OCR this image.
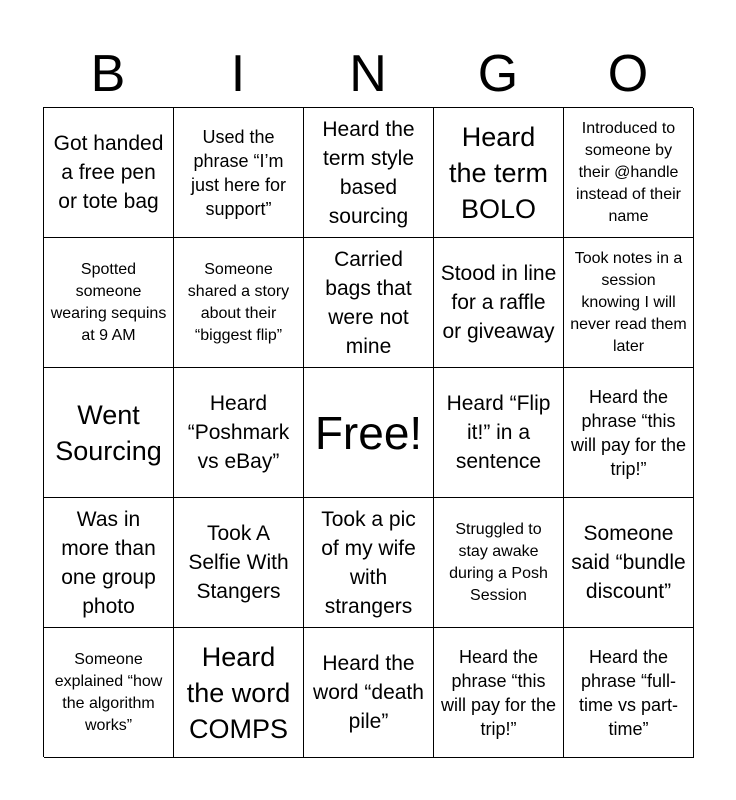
B	I	N	G	O
Got handed a free pen or tote bag
Used the phrase “I’m just here for support”
Heard the term style based sourcing
Heard the term BOLO
Introduced to someone by their @handle instead of their name
Spotted someone wearing sequins at 9 AM
Someone shared a story about their “biggest flip”
Carried bags that were not mine
Stood in line for a raffle or giveaway
Took notes in a session knowing I will never read them later
Went Sourcing
Heard “Poshmark vs eBay”
Free!
Heard “Flip it!” in a sentence
Heard the phrase “this will pay for the trip!”
Was in more than one group photo
Took A Selfie With Stangers
Took a pic of my wife with strangers
Struggled to stay awake during a Posh Session
Someone said “bundle discount”
Someone explained “how the algorithm works”
Heard the word COMPS
Heard the word “death pile”
Heard the phrase “this will pay for the trip!”
Heard the phrase “full-time vs part-time”
